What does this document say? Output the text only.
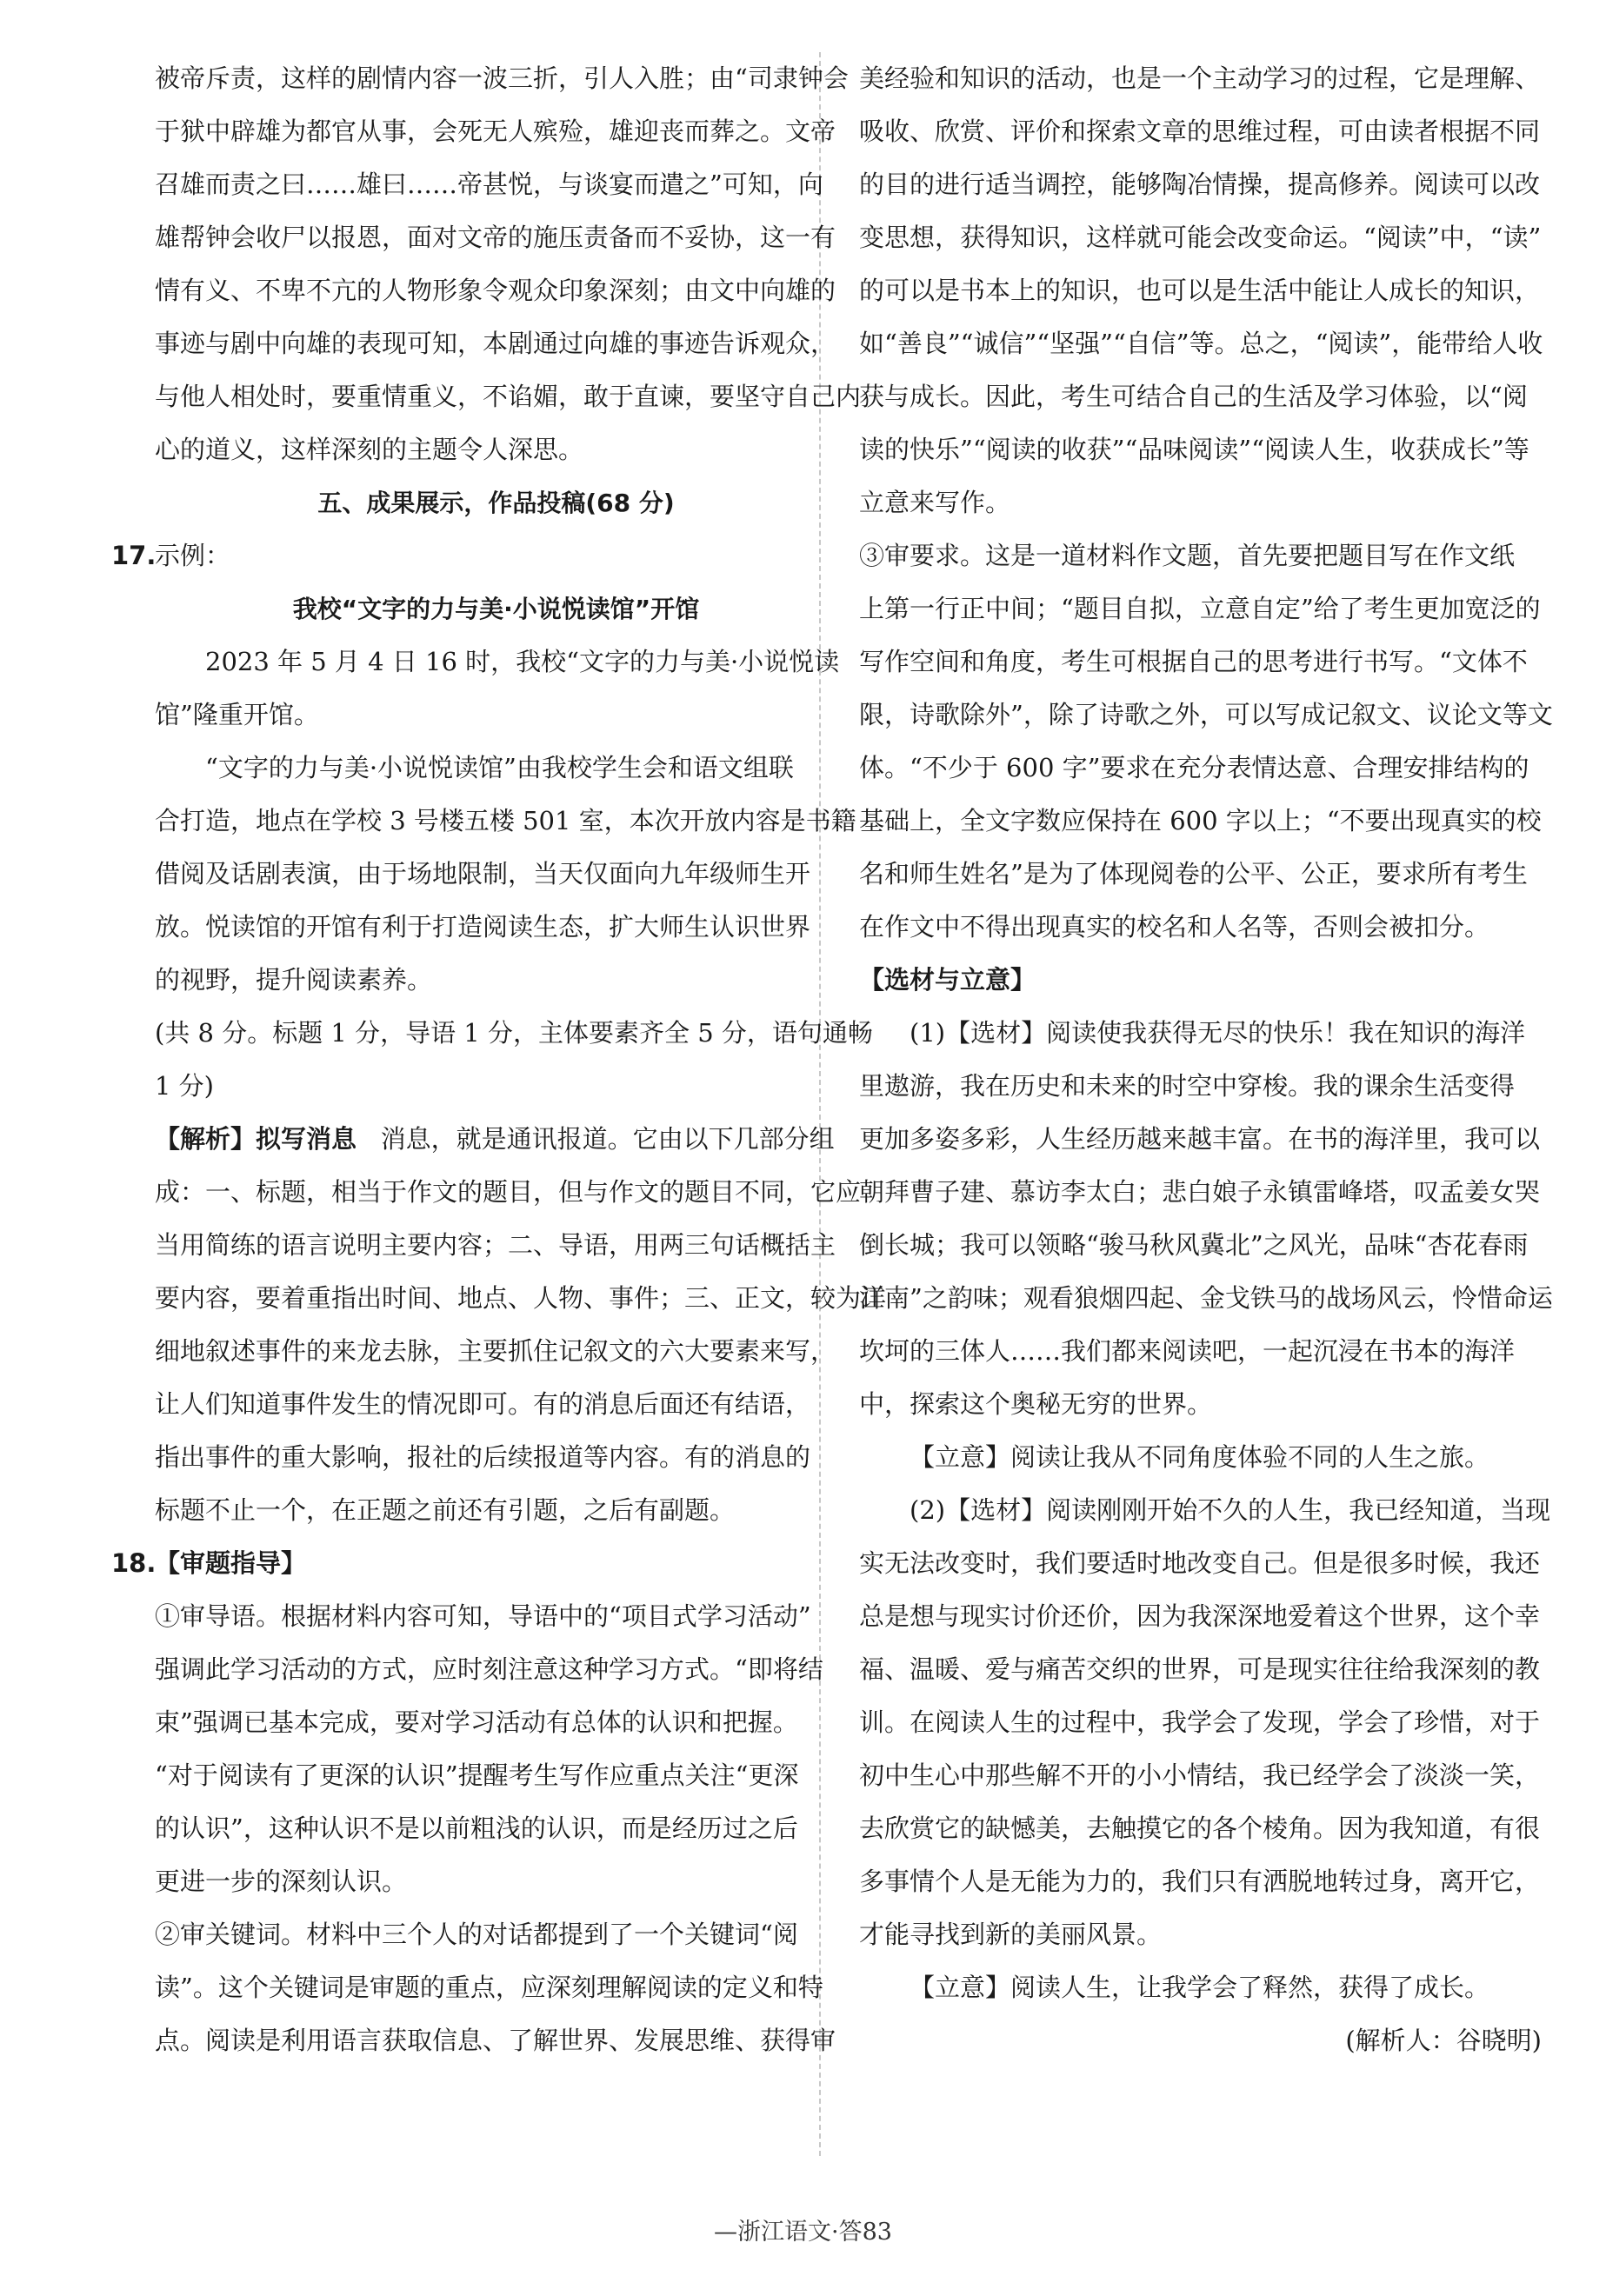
被帝斥责，这样的剧情内容一波三折，引人入胜；由“司隶钟会
于狱中辟雄为都官从事，会死无人殡殓，雄迎丧而葬之。文帝
召雄而责之曰……雄曰……帝甚悦，与谈宴而遣之”可知，向
雄帮钟会收尸以报恩，面对文帝的施压责备而不妥协，这一有
情有义、不卑不亢的人物形象令观众印象深刻；由文中向雄的
事迹与剧中向雄的表现可知，本剧通过向雄的事迹告诉观众，
与他人相处时，要重情重义，不谄媚，敢于直谏，要坚守自己内
心的道义，这样深刻的主题令人深思。
五、成果展示，作品投稿(68 分)
17.
示例：
我校“文字的力与美·小说悦读馆”开馆
2023 年 5 月 4 日 16 时，我校“文字的力与美·小说悦读
馆”隆重开馆。
“文字的力与美·小说悦读馆”由我校学生会和语文组联
合打造，地点在学校 3 号楼五楼 501 室，本次开放内容是书籍
借阅及话剧表演，由于场地限制，当天仅面向九年级师生开
放。悦读馆的开馆有利于打造阅读生态，扩大师生认识世界
的视野，提升阅读素养。
(共 8 分。标题 1 分，导语 1 分，主体要素齐全 5 分，语句通畅
1 分)
【解析】拟写消息 消息，就是通讯报道。它由以下几部分组
成：一、标题，相当于作文的题目，但与作文的题目不同，它应
当用简练的语言说明主要内容；二、导语，用两三句话概括主
要内容，要着重指出时间、地点、人物、事件；三、正文，较为详
细地叙述事件的来龙去脉，主要抓住记叙文的六大要素来写，
让人们知道事件发生的情况即可。有的消息后面还有结语，
指出事件的重大影响，报社的后续报道等内容。有的消息的
标题不止一个，在正题之前还有引题，之后有副题。
18.
【审题指导】
①审导语。根据材料内容可知，导语中的“项目式学习活动”
强调此学习活动的方式，应时刻注意这种学习方式。“即将结
束”强调已基本完成，要对学习活动有总体的认识和把握。
“对于阅读有了更深的认识”提醒考生写作应重点关注“更深
的认识”，这种认识不是以前粗浅的认识，而是经历过之后
更进一步的深刻认识。
②审关键词。材料中三个人的对话都提到了一个关键词“阅
读”。这个关键词是审题的重点，应深刻理解阅读的定义和特
点。阅读是利用语言获取信息、了解世界、发展思维、获得审
美经验和知识的活动，也是一个主动学习的过程，它是理解、
吸收、欣赏、评价和探索文章的思维过程，可由读者根据不同
的目的进行适当调控，能够陶冶情操，提高修养。阅读可以改
变思想，获得知识，这样就可能会改变命运。“阅读”中，“读”
的可以是书本上的知识，也可以是生活中能让人成长的知识，
如“善良”“诚信”“坚强”“自信”等。总之，“阅读”，能带给人收
获与成长。因此，考生可结合自己的生活及学习体验，以“阅
读的快乐”“阅读的收获”“品味阅读”“阅读人生，收获成长”等
立意来写作。
③审要求。这是一道材料作文题，首先要把题目写在作文纸
上第一行正中间；“题目自拟，立意自定”给了考生更加宽泛的
写作空间和角度，考生可根据自己的思考进行书写。“文体不
限，诗歌除外”，除了诗歌之外，可以写成记叙文、议论文等文
体。“不少于 600 字”要求在充分表情达意、合理安排结构的
基础上，全文字数应保持在 600 字以上；“不要出现真实的校
名和师生姓名”是为了体现阅卷的公平、公正，要求所有考生
在作文中不得出现真实的校名和人名等，否则会被扣分。
【选材与立意】
(1)【选材】阅读使我获得无尽的快乐！我在知识的海洋
里遨游，我在历史和未来的时空中穿梭。我的课余生活变得
更加多姿多彩，人生经历越来越丰富。在书的海洋里，我可以
朝拜曹子建、慕访李太白；悲白娘子永镇雷峰塔，叹孟姜女哭
倒长城；我可以领略“骏马秋风冀北”之风光，品味“杏花春雨
江南”之韵味；观看狼烟四起、金戈铁马的战场风云，怜惜命运
坎坷的三体人……我们都来阅读吧，一起沉浸在书本的海洋
中，探索这个奥秘无穷的世界。
【立意】阅读让我从不同角度体验不同的人生之旅。
(2)【选材】阅读刚刚开始不久的人生，我已经知道，当现
实无法改变时，我们要适时地改变自己。但是很多时候，我还
总是想与现实讨价还价，因为我深深地爱着这个世界，这个幸
福、温暖、爱与痛苦交织的世界，可是现实往往给我深刻的教
训。在阅读人生的过程中，我学会了发现，学会了珍惜，对于
初中生心中那些解不开的小小情结，我已经学会了淡淡一笑，
去欣赏它的缺憾美，去触摸它的各个棱角。因为我知道，有很
多事情个人是无能为力的，我们只有洒脱地转过身，离开它，
才能寻找到新的美丽风景。
【立意】阅读人生，让我学会了释然，获得了成长。
(解析人：谷晓明)
—浙江语文·答83
